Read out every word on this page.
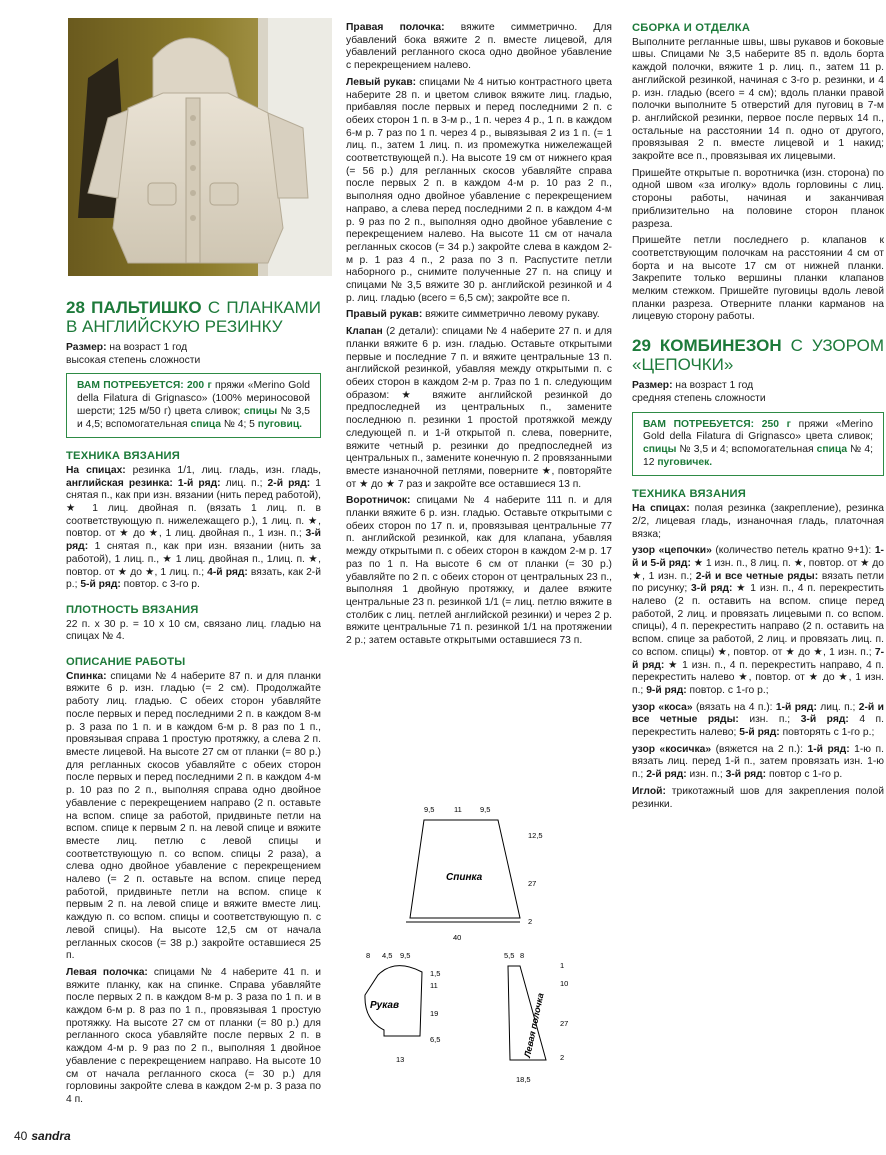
28 ПАЛЬТИШКО С ПЛАНКАМИ В АНГЛИЙСКУЮ РЕЗИНКУ

Размер: на возраст 1 год

высокая степень сложности

ВАМ ПОТРЕБУЕТСЯ: 200 г пряжи «Merino Gold della Filatura di Grignasco» (100% мериносовой шерсти; 125 м/50 г) цвета сливок; спицы № 3,5 и 4,5; вспомогательная спица № 4; 5 пуговиц.
ТЕХНИКА ВЯЗАНИЯ

На спицах: резинка 1/1, лиц. гладь, изн. гладь, английская резинка: 1-й ряд: лиц. п.; 2-й ряд: 1 снятая п., как при изн. вязании (нить перед работой), ★ 1 лиц. двойная п. (вязать 1 лиц. п. в соответствующую п. нижележащего р.), 1 лиц. п. ★, повтор. от ★ до ★, 1 лиц. двойная п., 1 изн. п.; 3-й ряд: 1 снятая п., как при изн. вязании (нить за работой), 1 лиц. п., ★ 1 лиц. двойная п., 1лиц. п. ★, повтор. от ★ до ★, 1 лиц. п.; 4-й ряд: вязать, как 2-й р.; 5-й ряд: повтор. с 3-го р.

ПЛОТНОСТЬ ВЯЗАНИЯ

22 п. х 30 р. = 10 х 10 см, связано лиц. гладью на спицах № 4.

ОПИСАНИЕ РАБОТЫ

Спинка: спицами № 4 наберите 87 п. и для планки вяжите 6 р. изн. гладью (= 2 см). Продолжайте работу лиц. гладью. С обеих сторон убавляйте после первых и перед последними 2 п. в каждом 8-м р. 3 раза по 1 п. и в каждом 6-м р. 8 раз по 1 п., провязывая справа 1 простую протяжку, а слева 2 п. вместе лицевой. На высоте 27 см от планки (= 80 р.) для регланных скосов убавляйте с обеих сторон после первых и перед последними 2 п. в каждом 4-м р. 10 раз по 2 п., выполняя справа одно двойное убавление с перекрещением направо (2 п. оставьте на вспом. спице за работой, придвиньте петли на вспом. спице к первым 2 п. на левой спице и вяжите вместе лиц. петлю с левой спицы и соответствующую п. со вспом. спицы 2 раза), а слева одно двойное убавление с перекрещением налево (= 2 п. оставьте на вспом. спице перед работой, придвиньте петли на вспом. спице к первым 2 п. на левой спице и вяжите вместе лиц. каждую п. со вспом. спицы и соответствующую п. с левой спицы). На высоте 12,5 см от начала регланных скосов (= 38 р.) закройте оставшиеся 25 п.

Левая полочка: спицами № 4 наберите 41 п. и вяжите планку, как на спинке. Справа убавляйте после первых 2 п. в каждом 8-м р. 3 раза по 1 п. и в каждом 6-м р. 8 раз по 1 п., провязывая 1 простую протяжку. На высоте 27 см от планки (= 80 р.) для регланного скоса убавляйте после первых 2 п. в каждом 4-м р. 9 раз по 2 п., выполняя 1 двойное убавление с перекрещением направо. На высоте 10 см от начала регланного скоса (= 30 р.) для горловины закройте слева в каждом 2-м р. 3 раза по 4 п.

Правая полочка: вяжите симметрично. Для убавлений бока вяжите 2 п. вместе лицевой, для убавлений регланного скоса одно двойное убавление с перекрещением налево.

Левый рукав: спицами № 4 нитью контрастного цвета наберите 28 п. и цветом сливок вяжите лиц. гладью, прибавляя после первых и перед последними 2 п. с обеих сторон 1 п. в 3-м р., 1 п. через 4 р., 1 п. в каждом 6-м р. 7 раз по 1 п. через 4 р., вывязывая 2 из 1 п. (= 1 лиц. п., затем 1 лиц. п. из промежутка нижележащей соответствующей п.). На высоте 19 см от нижнего края (= 56 р.) для регланных скосов убавляйте справа после первых 2 п. в каждом 4-м р. 10 раз 2 п., выполняя одно двойное убавление с перекрещением направо, а слева перед последними 2 п. в каждом 4-м р. 9 раз по 2 п., выполняя одно двойное убавление с перекрещением налево. На высоте 11 см от начала регланных скосов (= 34 р.) закройте слева в каждом 2-м р. 1 раз 4 п., 2 раза по 3 п. Распустите петли наборного р., снимите полученные 27 п. на спицу и спицами № 3,5 вяжите 30 р. английской резинкой и 4 р. лиц. гладью (всего = 6,5 см); закройте все п.

Правый рукав: вяжите симметрично левому рукаву.

Клапан (2 детали): спицами № 4 наберите 27 п. и для планки вяжите 6 р. изн. гладью. Оставьте открытыми первые и последние 7 п. и вяжите центральные 13 п. английской резинкой, убавляя между открытыми п. с обеих сторон в каждом 2-м р. 7раз по 1 п. следующим образом: ★ вяжите английской резинкой до предпоследней из центральных п., замените последнюю п. резинки 1 простой протяжкой между следующей п. и 1-й открытой п. слева, поверните, вяжите четный р. резинки до предпоследней из центральных п., замените конечную п. 2 провязанными вместе изнаночной петлями, поверните ★, повторяйте от ★ до ★ 7 раз и закройте все оставшиеся 13 п.

Воротничок: спицами № 4 наберите 111 п. и для планки вяжите 6 р. изн. гладью. Оставьте открытыми с обеих сторон по 17 п. и, провязывая центральные 77 п. английской резинкой, как для клапана, убавляя между открытыми п. с обеих сторон в каждом 2-м р. 17 раз по 1 п. На высоте 6 см от планки (= 30 р.) убавляйте по 2 п. с обеих сторон от центральных 23 п., выполняя 1 двойную протяжку, и далее вяжите центральные 23 п. резинкой 1/1 (= лиц. петлю вяжите в столбик с лиц. петлей английской резинки) и через 2 р. вяжите центральные 71 п. резинкой 1/1 на протяжении 2 р.; затем оставьте открытыми оставшиеся 73 п.

9,5	11 9,5
12,5
27
2
40
Спинка
8 4,5 9,5
1,5
11
19
6,5
13
Рукав
5,5 8
1
10
27
2
18,5
Левая полочка
СБОРКА И ОТДЕЛКА

Выполните регланные швы, швы рукавов и боковые швы. Спицами № 3,5 наберите 85 п. вдоль борта каждой полочки, вяжите 1 р. лиц. п., затем 11 р. английской резинкой, начиная с 3-го р. резинки, и 4 р. изн. гладью (всего = 4 см); вдоль планки правой полочки выполните 5 отверстий для пуговиц в 7-м р. английской резинки, первое после первых 14 п., остальные на расстоянии 14 п. одно от другого, провязывая 2 п. вместе лицевой и 1 накид; закройте все п., провязывая их лицевыми.

Пришейте открытые п. воротничка (изн. сторона) по одной швом «за иголку» вдоль горловины с лиц. стороны работы, начиная и заканчивая приблизительно на половине сторон планок разреза.

Пришейте петли последнего р. клапанов к соответствующим полочкам на расстоянии 4 см от борта и на высоте 17 см от нижней планки. Закрепите только вершины планки клапанов мелким стежком. Пришейте пуговицы вдоль левой планки разреза. Отверните планки карманов на лицевую сторону работы.

29 КОМБИНЕЗОН С УЗОРОМ «ЦЕПОЧКИ»

Размер: на возраст 1 год

средняя степень сложности

ВАМ ПОТРЕБУЕТСЯ: 250 г пряжи «Merino Gold della Filatura di Grignasco» цвета сливок; спицы № 3,5 и 4; вспомогательная спица № 4; 12 пуговичек.
ТЕХНИКА ВЯЗАНИЯ

На спицах: полая резинка (закрепление), резинка 2/2, лицевая гладь, изнаночная гладь, платочная вязка;

узор «цепочки» (количество петель кратно 9+1): 1-й и 5-й ряд: ★ 1 изн. п., 8 лиц. п. ★, повтор. от ★ до ★, 1 изн. п.; 2-й и все четные ряды: вязать петли по рисунку; 3-й ряд: ★ 1 изн. п., 4 п. перекрестить налево (2 п. оставить на вспом. спице перед работой, 2 лиц. и провязать лицевыми п. со вспом. спицы), 4 п. перекрестить направо (2 п. оставить на вспом. спице за работой, 2 лиц. и провязать лиц. п. со вспом. спицы) ★, повтор. от ★ до ★, 1 изн. п.; 7-й ряд: ★ 1 изн. п., 4 п. перекрестить направо, 4 п. перекрестить налево ★, повтор. от ★ до ★, 1 изн. п.; 9-й ряд: повтор. с 1-го р.;

узор «коса» (вязать на 4 п.): 1-й ряд: лиц. п.; 2-й и все четные ряды: изн. п.; 3-й ряд: 4 п. перекрестить налево; 5-й ряд: повторять с 1-го р.;

узор «косичка» (вяжется на 2 п.): 1-й ряд: 1-ю п. вязать лиц. перед 1-й п., затем провязать изн. 1-ю п.; 2-й ряд: изн. п.; 3-й ряд: повтор с 1-го р.

Иглой: трикотажный шов для закрепления полой резинки.

40 sandra
